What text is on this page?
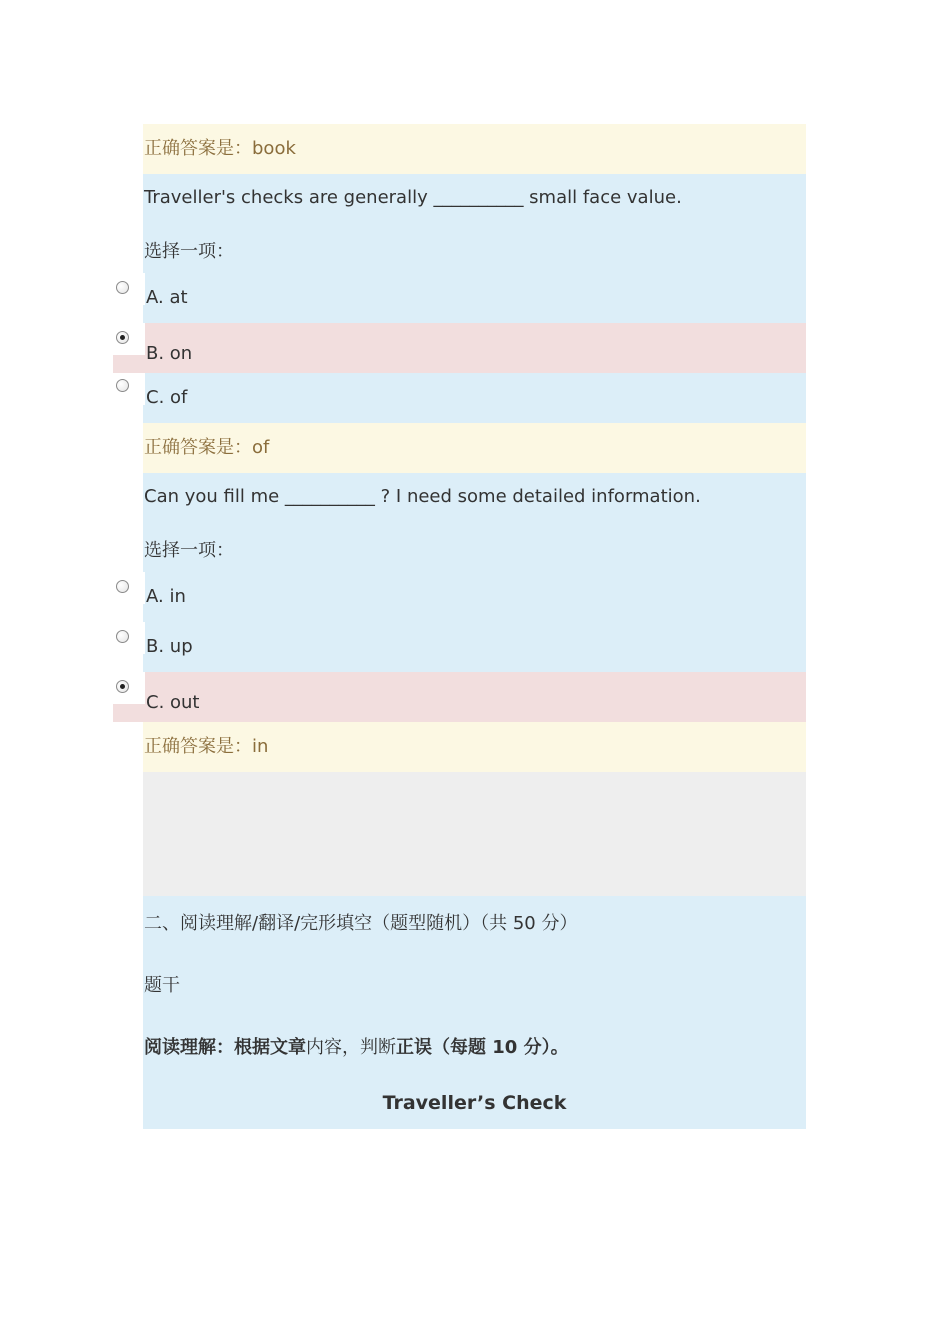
正确答案是：book
Traveller's checks are generally __________ small face value.
选择一项：
A. at
B. on
C. of
正确答案是：of
Can you fill me __________ ? I need some detailed information.
选择一项：
A. in
B. up
C. out
正确答案是：in
二、阅读理解/翻译/完形填空（题型随机）（共 50 分）
题干
阅读理解：根据文章内容，判断正误（每题 10 分）。
Traveller’s Check
